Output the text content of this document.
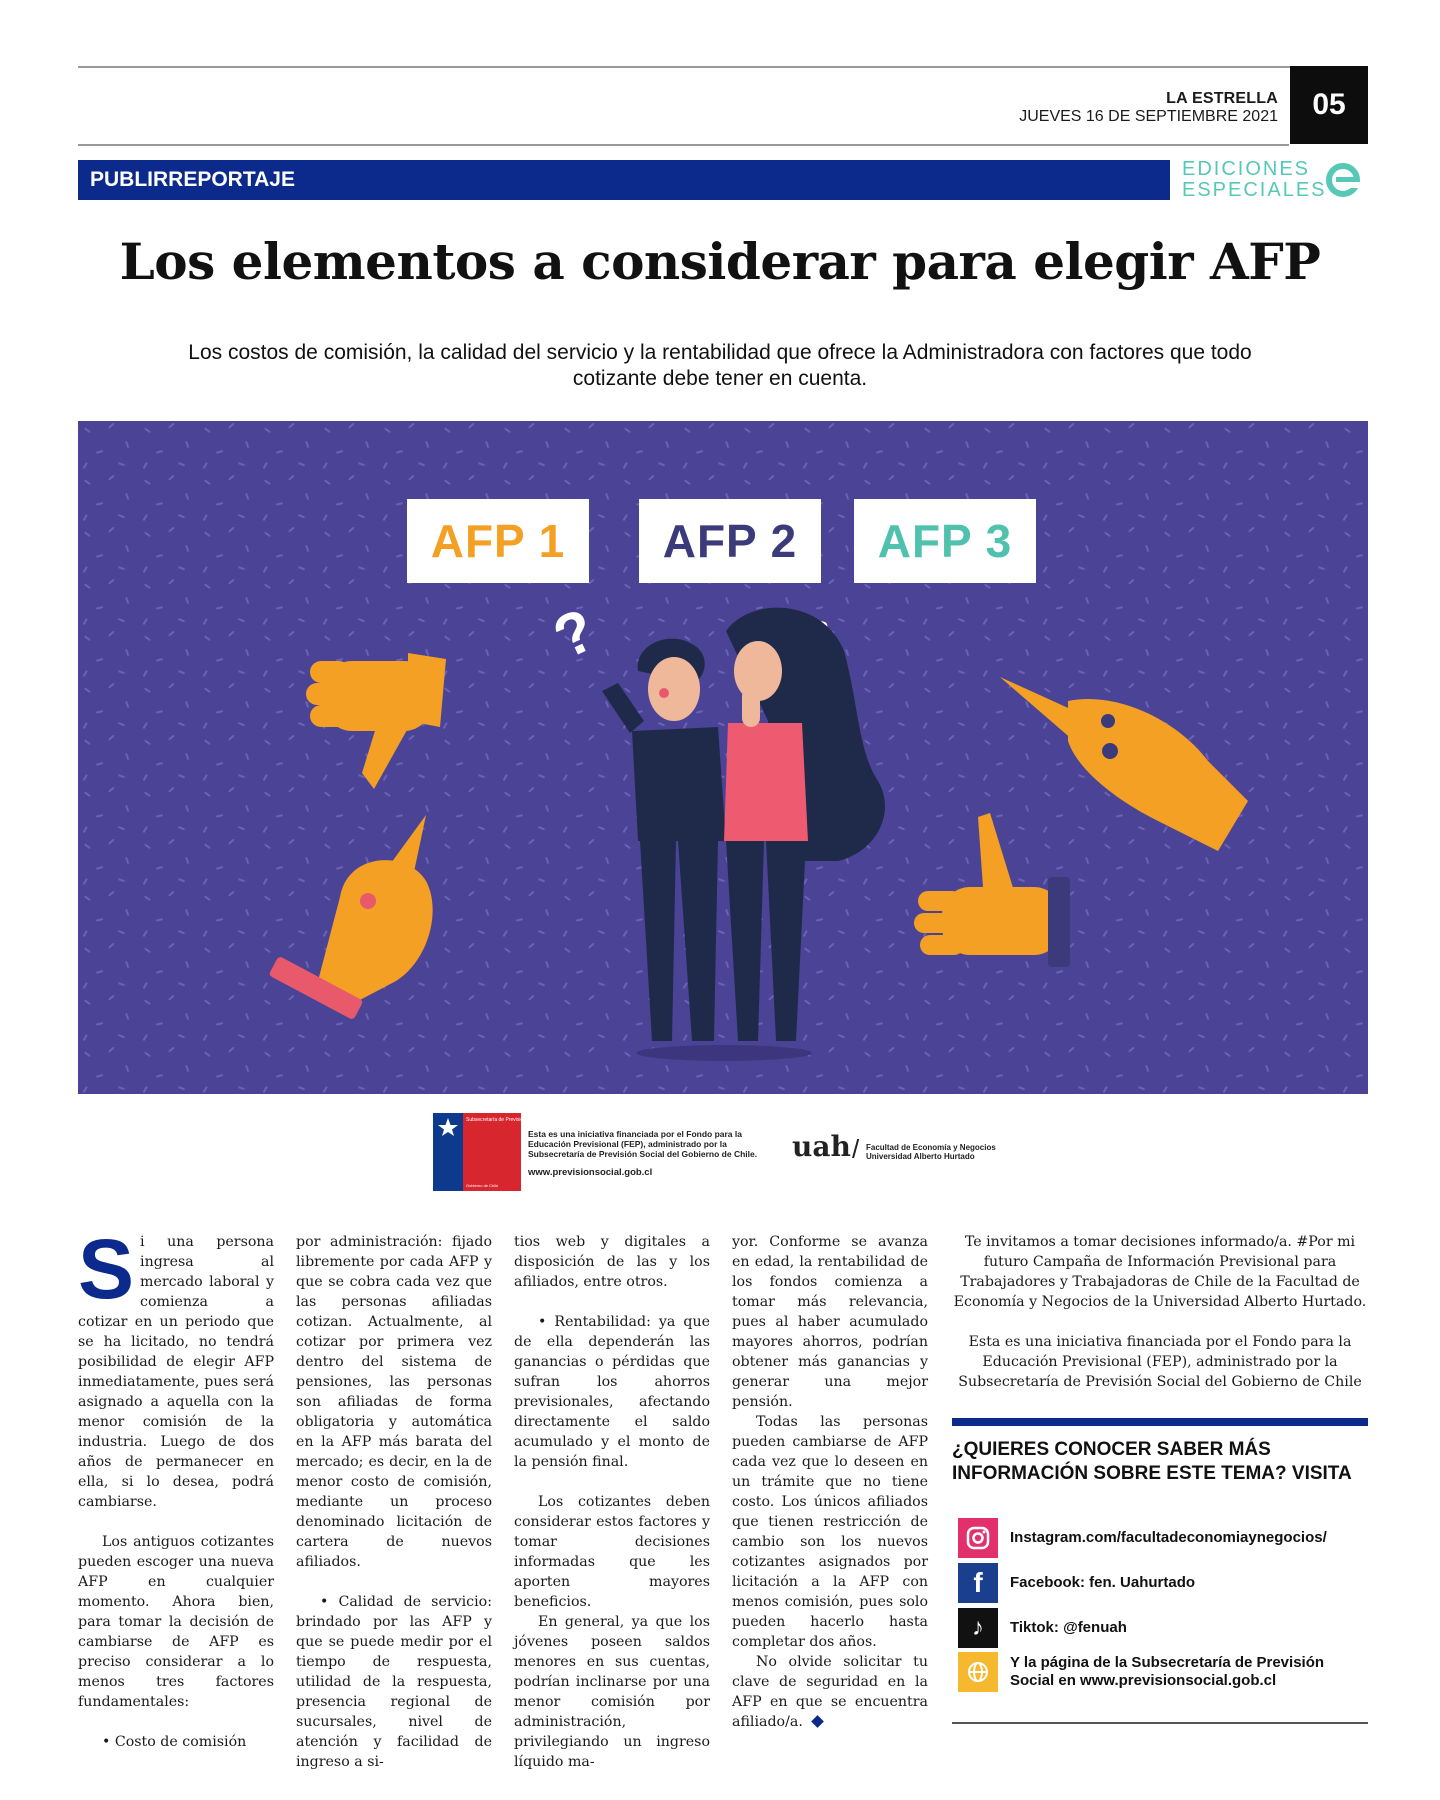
LA ESTRELLA
JUEVES 16 DE SEPTIEMBRE 2021	05
PUBLIRREPORTAJE	EDICIONES
ESPECIALES
Los elementos a considerar para elegir AFP
Los costos de comisión, la calidad del servicio y la rentabilidad que ofrece la Administradora con factores que todo cotizante debe tener en cuenta.
AFP 1 AFP 2 AFP 3
?
Subsecretaría de Previsión Social
Gobierno de Chile
Esta es una iniciativa financiada por el Fondo para la Educación Previsional (FEP), administrado por la Subsecretaría de Previsión Social del Gobierno de Chile.
www.previsionsocial.gob.cl
uah / Facultad de Economía y Negocios Universidad Alberto Hurtado

Si una persona ingresa al mercado laboral y comienza a cotizar en un periodo que se ha licitado, no tendrá posibilidad de elegir AFP inmediatamente, pues será asignado a aquella con la menor comisión de la industria. Luego de dos años de permanecer en ella, si lo desea, podrá cambiarse.

Los antiguos cotizantes pueden escoger una nueva AFP en cualquier momento. Ahora bien, para tomar la decisión de cambiarse de AFP es preciso considerar a lo menos tres factores fundamentales:

• Costo de comisión

por administración: fijado libremente por cada AFP y que se cobra cada vez que las personas afiliadas cotizan. Actualmente, al cotizar por primera vez dentro del sistema de pensiones, las personas son afiliadas de forma obligatoria y automática en la AFP más barata del mercado; es decir, en la de menor costo de comisión, mediante un proceso denominado licitación de cartera de nuevos afiliados.

• Calidad de servicio: brindado por las AFP y que se puede medir por el tiempo de respuesta, utilidad de la respuesta, presencia regional de sucursales, nivel de atención y facilidad de ingreso a si-

tios web y digitales a disposición de las y los afiliados, entre otros.

• Rentabilidad: ya que de ella dependerán las ganancias o pérdidas que sufran los ahorros previsionales, afectando directamente el saldo acumulado y el monto de la pensión final.

Los cotizantes deben considerar estos factores y tomar decisiones informadas que les aporten mayores beneficios.

En general, ya que los jóvenes poseen saldos menores en sus cuentas, podrían inclinarse por una menor comisión por administración, privilegiando un ingreso líquido ma-

yor. Conforme se avanza en edad, la rentabilidad de los fondos comienza a tomar más relevancia, pues al haber acumulado mayores ahorros, podrían obtener más ganancias y generar una mejor pensión.

Todas las personas pueden cambiarse de AFP cada vez que lo deseen en un trámite que no tiene costo. Los únicos afiliados que tienen restricción de cambio son los nuevos cotizantes asignados por licitación a la AFP con menos comisión, pues solo pueden hacerlo hasta completar dos años.

No olvide solicitar tu clave de seguridad en la AFP en que se encuentra afiliado/a.

Te invitamos a tomar decisiones informado/a. #Por mi futuro Campaña de Información Previsional para Trabajadores y Trabajadoras de Chile de la Facultad de Economía y Negocios de la Universidad Alberto Hurtado.

Esta es una iniciativa financiada por el Fondo para la Educación Previsional (FEP), administrado por la Subsecretaría de Previsión Social del Gobierno de Chile

¿QUIERES CONOCER SABER MÁS INFORMACIÓN SOBRE ESTE TEMA? VISITA
Instagram.com/facultadeconomiaynegocios/
f	Facebook: fen. Uahurtado
♪	Tiktok: @fenuah
Y la página de la Subsecretaría de Previsión Social en www.previsionsocial.gob.cl
